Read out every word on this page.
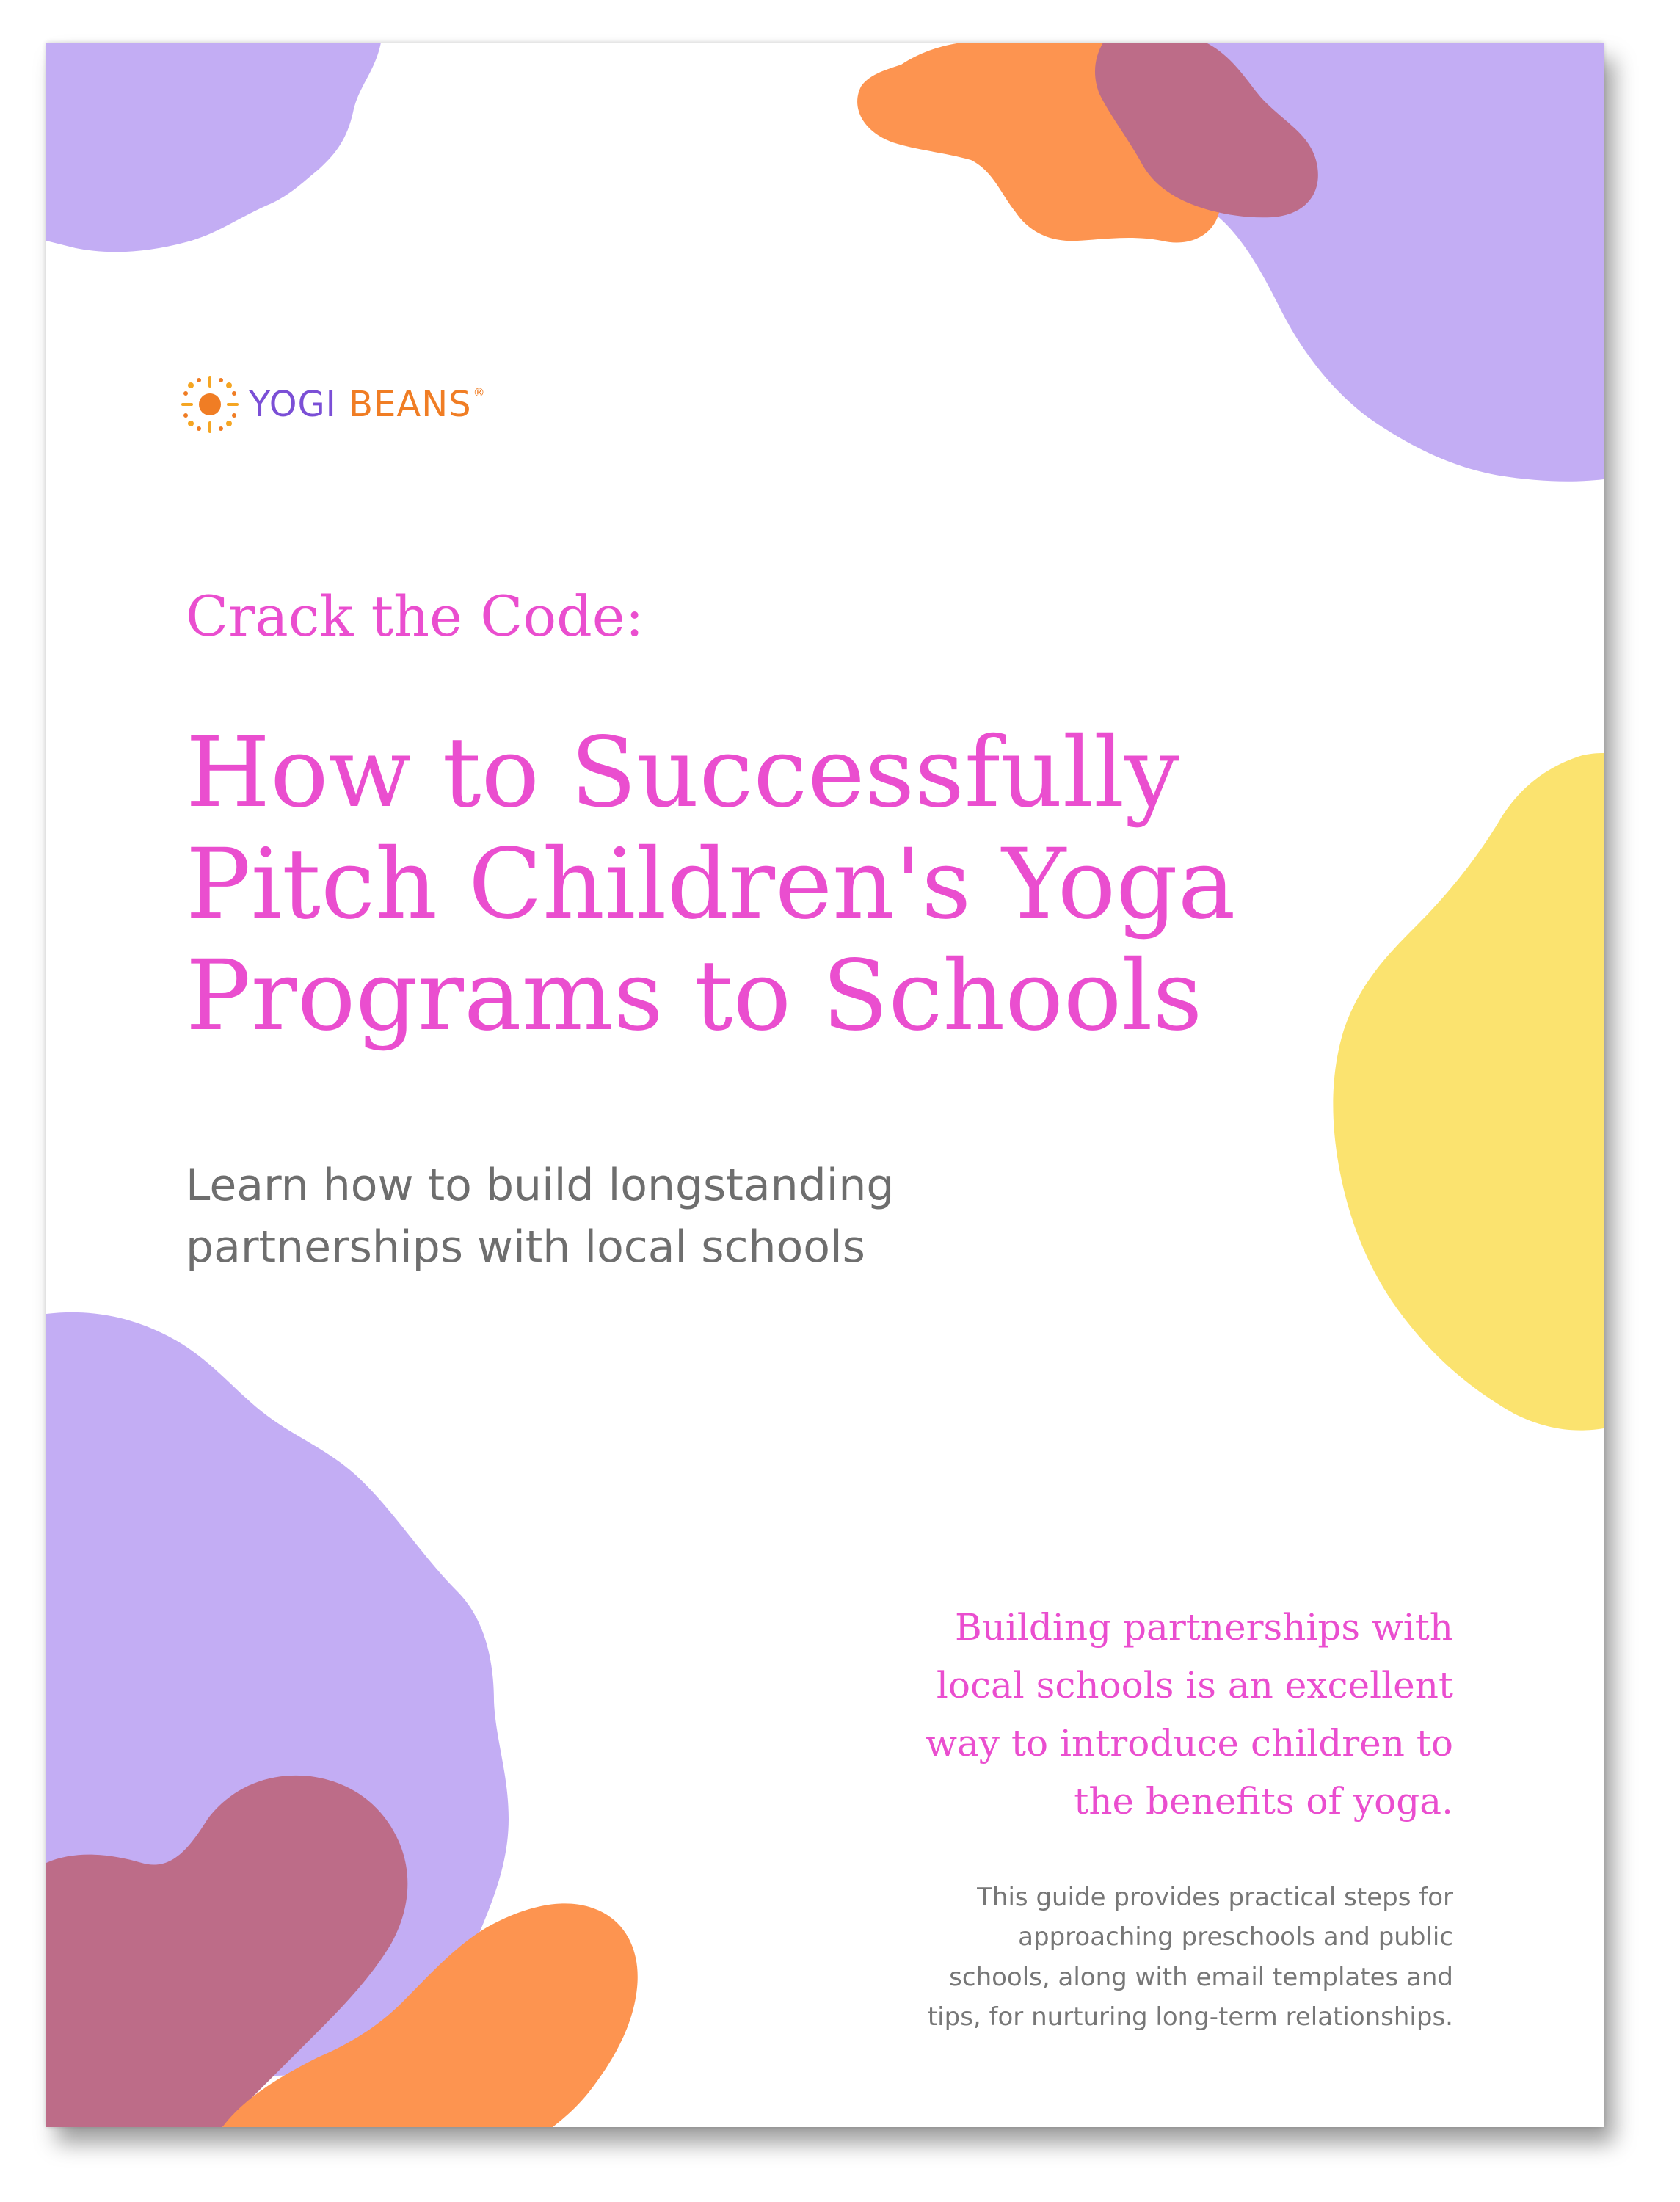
YOGI BEANS ®
Crack the Code:
How to Successfully
Pitch Children's Yoga
Programs to Schools
Learn how to build longstanding
partnerships with local schools
Building partnerships with
local schools is an excellent
way to introduce children to
the benefits of yoga.
This guide provides practical steps for
approaching preschools and public
schools, along with email templates and
tips, for nurturing long-term relationships.
